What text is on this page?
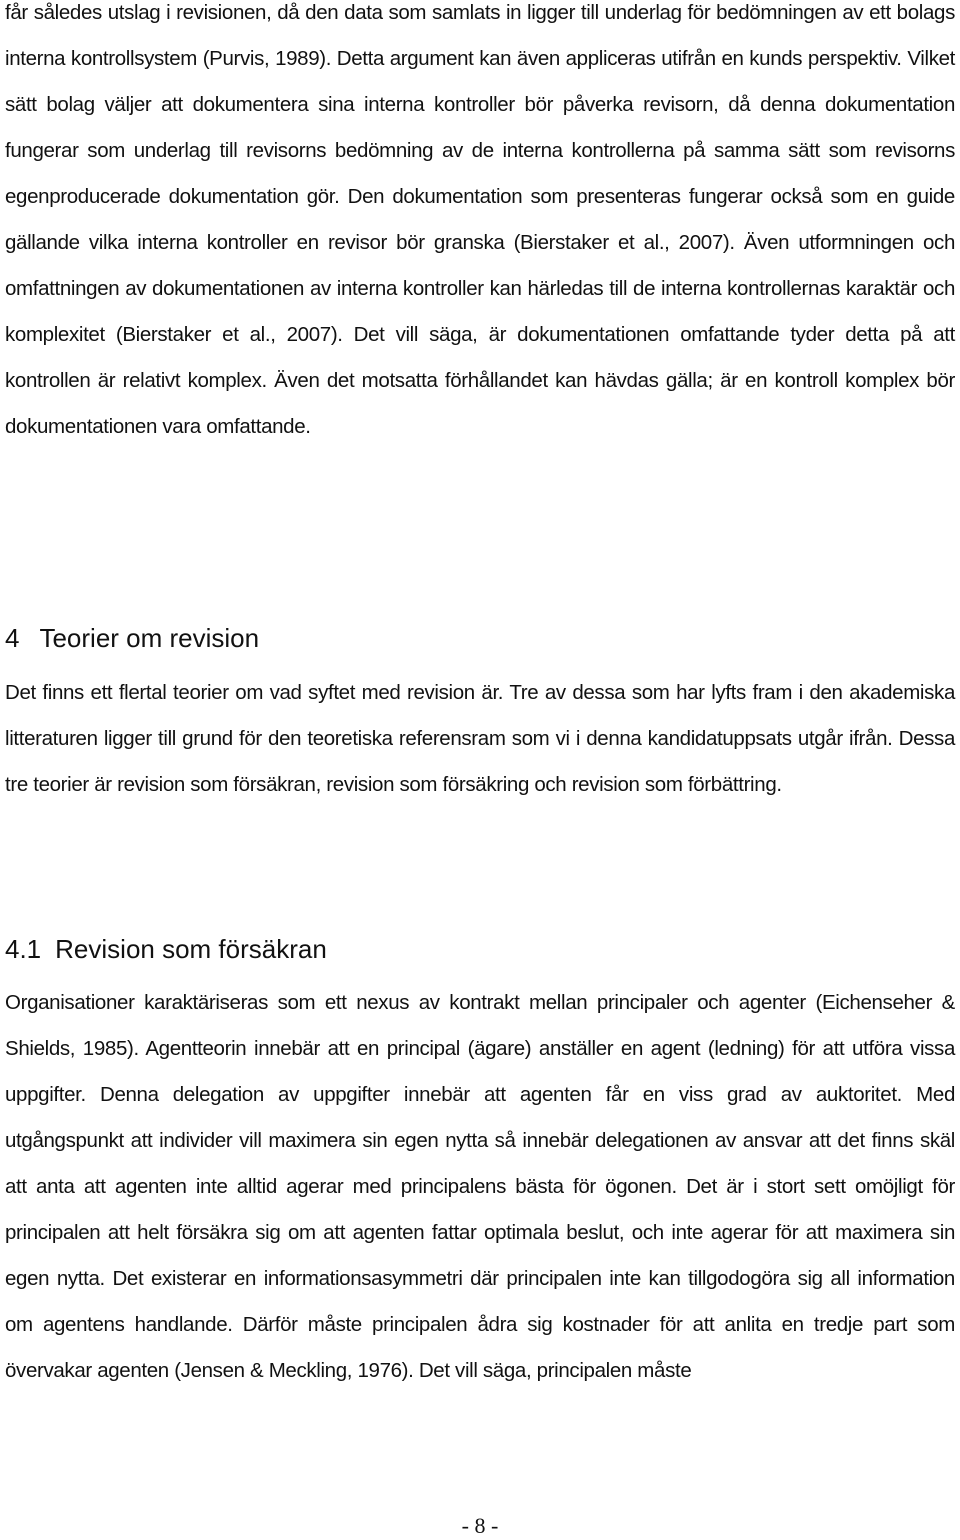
får således utslag i revisionen, då den data som samlats in ligger till underlag för bedömningen av ett bolags interna kontrollsystem (Purvis, 1989). Detta argument kan även appliceras utifrån en kunds perspektiv. Vilket sätt bolag väljer att dokumentera sina interna kontroller bör påverka revisorn, då denna dokumentation fungerar som underlag till revisorns bedömning av de interna kontrollerna på samma sätt som revisorns egenproducerade dokumentation gör. Den dokumentation som presenteras fungerar också som en guide gällande vilka interna kontroller en revisor bör granska (Bierstaker et al., 2007). Även utformningen och omfattningen av dokumentationen av interna kontroller kan härledas till de interna kontrollernas karaktär och komplexitet (Bierstaker et al., 2007). Det vill säga, är dokumentationen omfattande tyder detta på att kontrollen är relativt komplex. Även det motsatta förhållandet kan hävdas gälla; är en kontroll komplex bör dokumentationen vara omfattande.

4 Teorier om revision

Det finns ett flertal teorier om vad syftet med revision är. Tre av dessa som har lyfts fram i den akademiska litteraturen ligger till grund för den teoretiska referensram som vi i denna kandidatuppsats utgår ifrån. Dessa tre teorier är revision som försäkran, revision som försäkring och revision som förbättring.

4.1 Revision som försäkran

Organisationer karaktäriseras som ett nexus av kontrakt mellan principaler och agenter (Eichenseher & Shields, 1985). Agentteorin innebär att en principal (ägare) anställer en agent (ledning) för att utföra vissa uppgifter. Denna delegation av uppgifter innebär att agenten får en viss grad av auktoritet. Med utgångspunkt att individer vill maximera sin egen nytta så innebär delegationen av ansvar att det finns skäl att anta att agenten inte alltid agerar med principalens bästa för ögonen. Det är i stort sett omöjligt för principalen att helt försäkra sig om att agenten fattar optimala beslut, och inte agerar för att maximera sin egen nytta. Det existerar en informationsasymmetri där principalen inte kan tillgodogöra sig all information om agentens handlande. Därför måste principalen ådra sig kostnader för att anlita en tredje part som övervakar agenten (Jensen & Meckling, 1976). Det vill säga, principalen måste

- 8 -
